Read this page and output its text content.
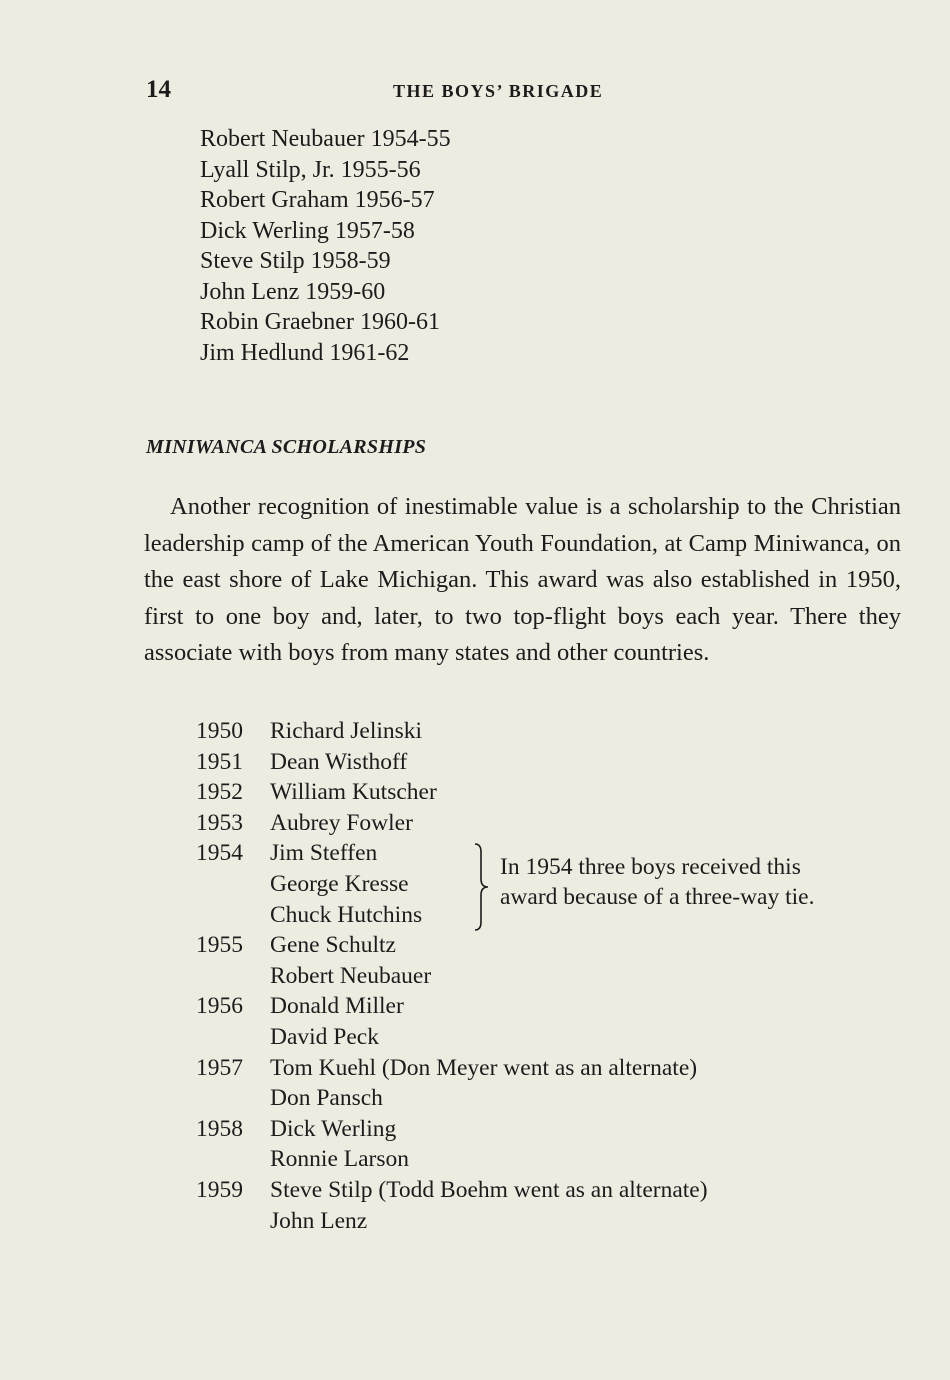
14	THE BOYS’ BRIGADE
Robert Neubauer 1954-55
Lyall Stilp, Jr. 1955-56
Robert Graham 1956-57
Dick Werling 1957-58
Steve Stilp 1958-59
John Lenz 1959-60
Robin Graebner 1960-61
Jim Hedlund 1961-62
MINIWANCA SCHOLARSHIPS
Another recognition of inestimable value is a scholarship to the Christian leadership camp of the American Youth Foundation, at Camp Miniwanca, on the east shore of Lake Michigan. This award was also established in 1950, first to one boy and, later, to two top-flight boys each year. There they associate with boys from many states and other countries.
1950	Richard Jelinski
1951	Dean Wisthoff
1952	William Kutscher
1953	Aubrey Fowler
1954	Jim Steffen
George Kresse
Chuck Hutchins
1955	Gene Schultz
Robert Neubauer
1956	Donald Miller
David Peck
1957	Tom Kuehl (Don Meyer went as an alternate)
Don Pansch
1958	Dick Werling
Ronnie Larson
1959	Steve Stilp (Todd Boehm went as an alternate)
John Lenz
In 1954 three boys received this
award because of a three-way tie.
